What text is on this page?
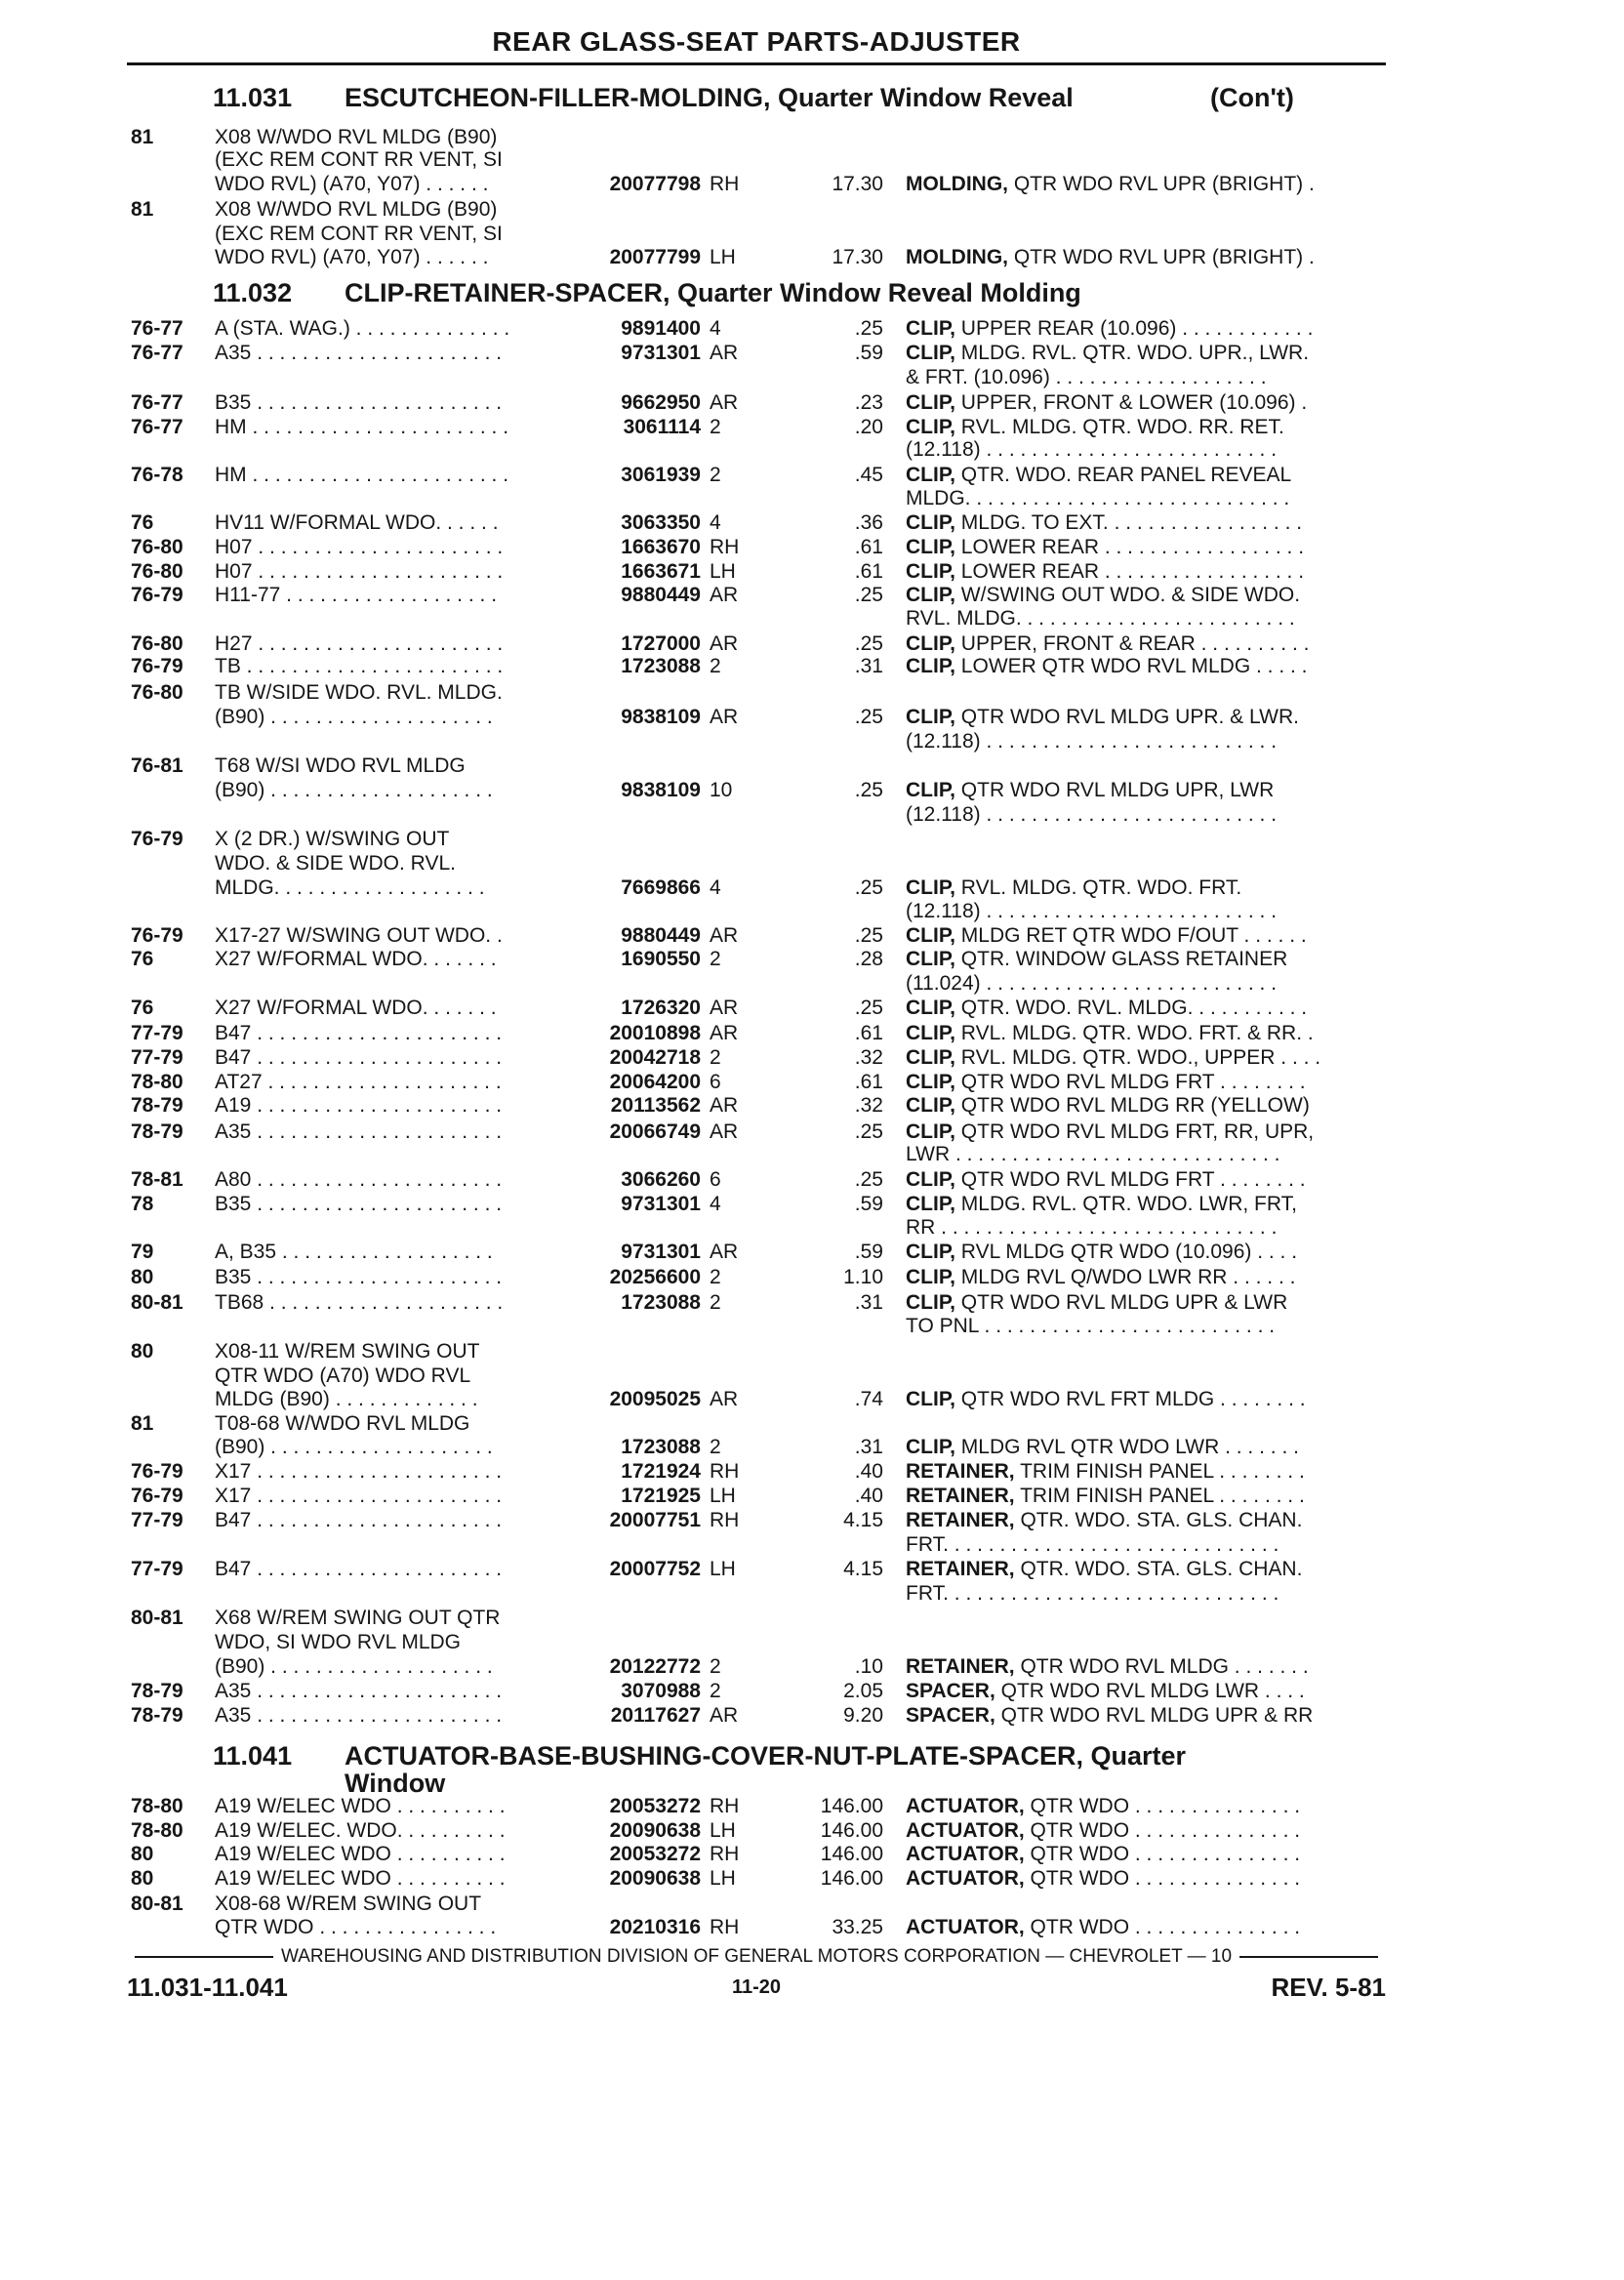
REAR GLASS-SEAT PARTS-ADJUSTER
11.031 ESCUTCHEON-FILLER-MOLDING, Quarter Window Reveal	(Con't)
11.032 CLIP-RETAINER-SPACER, Quarter Window Reveal Molding
11.041 ACTUATOR-BASE-BUSHING-COVER-NUT-PLATE-SPACER, Quarter
Window
81	X08 W/WDO RVL MLDG (B90)
(EXC REM CONT RR VENT, SI
WDO RVL) (A70, Y07) . . . . . .	20077798 RH	17.30 MOLDING, QTR WDO RVL UPR (BRIGHT) .
81	X08 W/WDO RVL MLDG (B90)
(EXC REM CONT RR VENT, SI
WDO RVL) (A70, Y07) . . . . . .	20077799 LH	17.30 MOLDING, QTR WDO RVL UPR (BRIGHT) .
76-77	A (STA. WAG.) . . . . . . . . . . . . . .	9891400 4	.25 CLIP, UPPER REAR (10.096) . . . . . . . . . . . .
76-77	A35 . . . . . . . . . . . . . . . . . . . . . .	9731301 AR	.59 CLIP, MLDG. RVL. QTR. WDO. UPR., LWR.
& FRT. (10.096) . . . . . . . . . . . . . . . . . . .
76-77	B35 . . . . . . . . . . . . . . . . . . . . . .	9662950 AR	.23 CLIP, UPPER, FRONT & LOWER (10.096) .
76-77	HM . . . . . . . . . . . . . . . . . . . . . . .	3061114 2	.20 CLIP, RVL. MLDG. QTR. WDO. RR. RET.
(12.118) . . . . . . . . . . . . . . . . . . . . . . . . . .
76-78	HM . . . . . . . . . . . . . . . . . . . . . . .	3061939 2	.45 CLIP, QTR. WDO. REAR PANEL REVEAL
MLDG. . . . . . . . . . . . . . . . . . . . . . . . . . . . .
76	HV11 W/FORMAL WDO. . . . . .	3063350 4	.36 CLIP, MLDG. TO EXT. . . . . . . . . . . . . . . . . .
76-80	H07 . . . . . . . . . . . . . . . . . . . . . .	1663670 RH	.61 CLIP, LOWER REAR . . . . . . . . . . . . . . . . . .
76-80	H07 . . . . . . . . . . . . . . . . . . . . . .	1663671 LH	.61 CLIP, LOWER REAR . . . . . . . . . . . . . . . . . .
76-79	H11-77 . . . . . . . . . . . . . . . . . . .	9880449 AR	.25 CLIP, W/SWING OUT WDO. & SIDE WDO.
RVL. MLDG. . . . . . . . . . . . . . . . . . . . . . . . .
76-80	H27 . . . . . . . . . . . . . . . . . . . . . .	1727000 AR	.25 CLIP, UPPER, FRONT & REAR . . . . . . . . . .
76-79	TB . . . . . . . . . . . . . . . . . . . . . . .	1723088 2	.31 CLIP, LOWER QTR WDO RVL MLDG . . . . .
76-80	TB W/SIDE WDO. RVL. MLDG.
(B90) . . . . . . . . . . . . . . . . . . . .	9838109 AR	.25 CLIP, QTR WDO RVL MLDG UPR. & LWR.
(12.118) . . . . . . . . . . . . . . . . . . . . . . . . . .
76-81	T68 W/SI WDO RVL MLDG
(B90) . . . . . . . . . . . . . . . . . . . .	9838109 10	.25 CLIP, QTR WDO RVL MLDG UPR, LWR
(12.118) . . . . . . . . . . . . . . . . . . . . . . . . . .
76-79	X (2 DR.) W/SWING OUT
WDO. & SIDE WDO. RVL.
MLDG. . . . . . . . . . . . . . . . . . .	7669866 4	.25 CLIP, RVL. MLDG. QTR. WDO. FRT.
(12.118) . . . . . . . . . . . . . . . . . . . . . . . . . .
76-79	X17-27 W/SWING OUT WDO. .	9880449 AR	.25 CLIP, MLDG RET QTR WDO F/OUT . . . . . .
76	X27 W/FORMAL WDO. . . . . . .	1690550 2	.28 CLIP, QTR. WINDOW GLASS RETAINER
(11.024) . . . . . . . . . . . . . . . . . . . . . . . . . .
76	X27 W/FORMAL WDO. . . . . . .	1726320 AR	.25 CLIP, QTR. WDO. RVL. MLDG. . . . . . . . . . .
77-79	B47 . . . . . . . . . . . . . . . . . . . . . .	20010898 AR	.61 CLIP, RVL. MLDG. QTR. WDO. FRT. & RR. .
77-79	B47 . . . . . . . . . . . . . . . . . . . . . .	20042718 2	.32 CLIP, RVL. MLDG. QTR. WDO., UPPER . . . .
78-80	AT27 . . . . . . . . . . . . . . . . . . . . .	20064200 6	.61 CLIP, QTR WDO RVL MLDG FRT . . . . . . . .
78-79	A19 . . . . . . . . . . . . . . . . . . . . . .	20113562 AR	.32 CLIP, QTR WDO RVL MLDG RR (YELLOW)
78-79	A35 . . . . . . . . . . . . . . . . . . . . . .	20066749 AR	.25 CLIP, QTR WDO RVL MLDG FRT, RR, UPR,
LWR . . . . . . . . . . . . . . . . . . . . . . . . . . . . .
78-81	A80 . . . . . . . . . . . . . . . . . . . . . .	3066260 6	.25 CLIP, QTR WDO RVL MLDG FRT . . . . . . . .
78	B35 . . . . . . . . . . . . . . . . . . . . . .	9731301 4	.59 CLIP, MLDG. RVL. QTR. WDO. LWR, FRT,
RR . . . . . . . . . . . . . . . . . . . . . . . . . . . . . .
79	A, B35 . . . . . . . . . . . . . . . . . . .	9731301 AR	.59 CLIP, RVL MLDG QTR WDO (10.096) . . . .
80	B35 . . . . . . . . . . . . . . . . . . . . . .	20256600 2	1.10 CLIP, MLDG RVL Q/WDO LWR RR . . . . . .
80-81	TB68 . . . . . . . . . . . . . . . . . . . . .	1723088 2	.31 CLIP, QTR WDO RVL MLDG UPR & LWR
TO PNL . . . . . . . . . . . . . . . . . . . . . . . . . .
80	X08-11 W/REM SWING OUT
QTR WDO (A70) WDO RVL
MLDG (B90) . . . . . . . . . . . . .	20095025 AR	.74 CLIP, QTR WDO RVL FRT MLDG . . . . . . . .
81	T08-68 W/WDO RVL MLDG
(B90) . . . . . . . . . . . . . . . . . . . .	1723088 2	.31 CLIP, MLDG RVL QTR WDO LWR . . . . . . .
76-79	X17 . . . . . . . . . . . . . . . . . . . . . .	1721924 RH	.40 RETAINER, TRIM FINISH PANEL . . . . . . . .
76-79	X17 . . . . . . . . . . . . . . . . . . . . . .	1721925 LH	.40 RETAINER, TRIM FINISH PANEL . . . . . . . .
77-79	B47 . . . . . . . . . . . . . . . . . . . . . .	20007751 RH	4.15 RETAINER, QTR. WDO. STA. GLS. CHAN.
FRT. . . . . . . . . . . . . . . . . . . . . . . . . . . . . .
77-79	B47 . . . . . . . . . . . . . . . . . . . . . .	20007752 LH	4.15 RETAINER, QTR. WDO. STA. GLS. CHAN.
FRT. . . . . . . . . . . . . . . . . . . . . . . . . . . . . .
80-81	X68 W/REM SWING OUT QTR
WDO, SI WDO RVL MLDG
(B90) . . . . . . . . . . . . . . . . . . . .	20122772 2	.10 RETAINER, QTR WDO RVL MLDG . . . . . . .
78-79	A35 . . . . . . . . . . . . . . . . . . . . . .	3070988 2	2.05 SPACER, QTR WDO RVL MLDG LWR . . . .
78-79	A35 . . . . . . . . . . . . . . . . . . . . . .	20117627 AR	9.20 SPACER, QTR WDO RVL MLDG UPR & RR
78-80	A19 W/ELEC WDO . . . . . . . . . .	20053272 RH	146.00 ACTUATOR, QTR WDO . . . . . . . . . . . . . . .
78-80	A19 W/ELEC. WDO. . . . . . . . . .	20090638 LH	146.00 ACTUATOR, QTR WDO . . . . . . . . . . . . . . .
80	A19 W/ELEC WDO . . . . . . . . . .	20053272 RH	146.00 ACTUATOR, QTR WDO . . . . . . . . . . . . . . .
80	A19 W/ELEC WDO . . . . . . . . . .	20090638 LH	146.00 ACTUATOR, QTR WDO . . . . . . . . . . . . . . .
80-81	X08-68 W/REM SWING OUT
QTR WDO . . . . . . . . . . . . . . . .	20210316 RH	33.25 ACTUATOR, QTR WDO . . . . . . . . . . . . . . .
WAREHOUSING AND DISTRIBUTION DIVISION OF GENERAL MOTORS CORPORATION — CHEVROLET — 10
11.031-11.041	11-20	REV. 5-81
